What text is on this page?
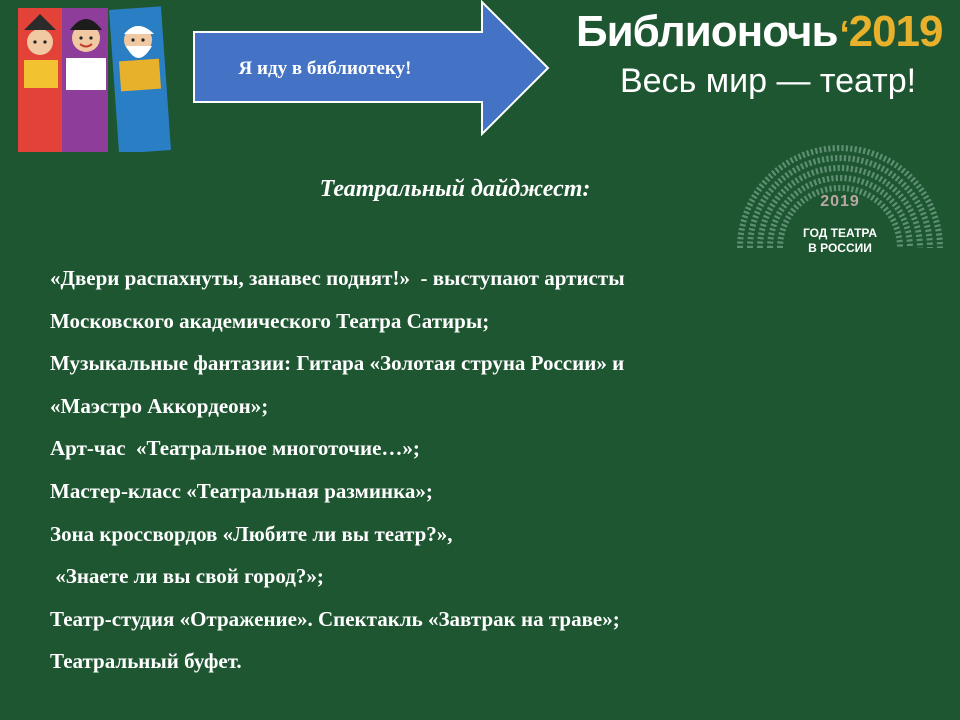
Я иду в библиотеку!
Библионочь‘2019
Весь мир — театр!
2019
ГОД ТЕАТРА
В РОССИИ
Театральный дайджест:
«Двери распахнуты, занавес поднят!»  - выступают артисты
Московского академического Театра Сатиры;
Музыкальные фантазии: Гитара «Золотая струна России» и
«Маэстро Аккордеон»;
Арт-час  «Театральное многоточие…»;
Мастер-класс «Театральная разминка»;
Зона кроссвордов «Любите ли вы театр?»,
«Знаете ли вы свой город?»;
Театр-студия «Отражение». Спектакль «Завтрак на траве»;
Театральный буфет.
